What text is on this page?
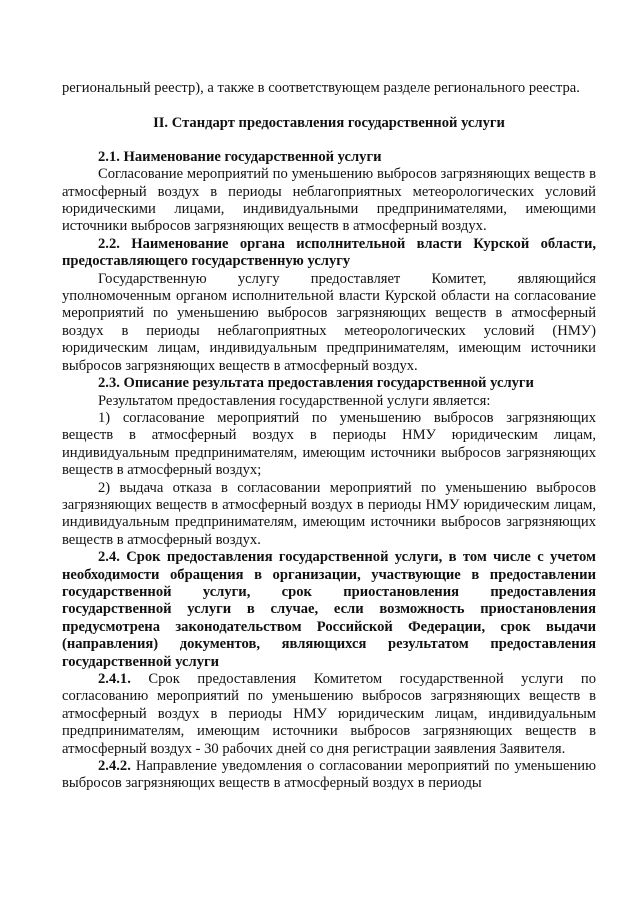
региональный реестр), а также в соответствующем разделе регионального реестра.

II. Стандарт предоставления государственной услуги

2.1. Наименование государственной услуги

Согласование мероприятий по уменьшению выбросов загрязняющих веществ в атмосферный воздух в периоды неблагоприятных метеорологических условий юридическими лицами, индивидуальными предпринимателями, имеющими источники выбросов загрязняющих веществ в атмосферный воздух.

2.2. Наименование органа исполнительной власти Курской области, предоставляющего государственную услугу

Государственную услугу предоставляет Комитет, являющийся уполномоченным органом исполнительной власти Курской области на согласование мероприятий по уменьшению выбросов загрязняющих веществ в атмосферный воздух в периоды неблагоприятных метеорологических условий (НМУ) юридическим лицам, индивидуальным предпринимателям, имеющим источники выбросов загрязняющих веществ в атмосферный воздух.

2.3. Описание результата предоставления государственной услуги

Результатом предоставления государственной услуги является:

1) согласование мероприятий по уменьшению выбросов загрязняющих веществ в атмосферный воздух в периоды НМУ юридическим лицам, индивидуальным предпринимателям, имеющим источники выбросов загрязняющих веществ в атмосферный воздух;

2) выдача отказа в согласовании мероприятий по уменьшению выбросов загрязняющих веществ в атмосферный воздух в периоды НМУ юридическим лицам, индивидуальным предпринимателям, имеющим источники выбросов загрязняющих веществ в атмосферный воздух.

2.4. Срок предоставления государственной услуги, в том числе с учетом необходимости обращения в организации, участвующие в предоставлении государственной услуги, срок приостановления предоставления государственной услуги в случае, если возможность приостановления предусмотрена законодательством Российской Федерации, срок выдачи (направления) документов, являющихся результатом предоставления государственной услуги

2.4.1. Срок предоставления Комитетом государственной услуги по согласованию мероприятий по уменьшению выбросов загрязняющих веществ в атмосферный воздух в периоды НМУ юридическим лицам, индивидуальным предпринимателям, имеющим источники выбросов загрязняющих веществ в атмосферный воздух - 30 рабочих дней со дня регистрации заявления Заявителя.

2.4.2. Направление уведомления о согласовании мероприятий по уменьшению выбросов загрязняющих веществ в атмосферный воздух в периоды
